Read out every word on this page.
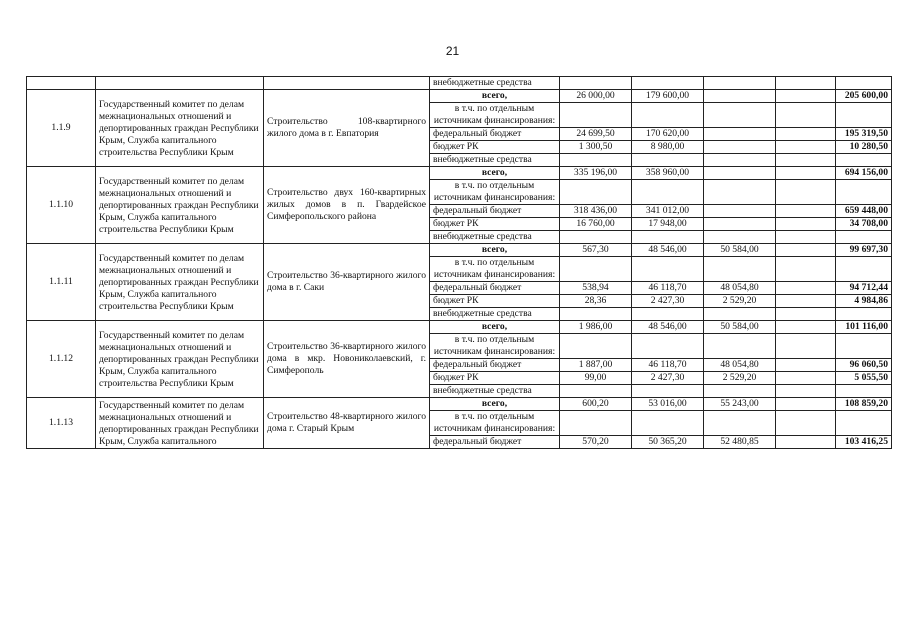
21
			внебюджетные средства					
1.1.9	Государственный комитет по делам межнациональных отношений и депортированных граждан Республики Крым, Служба капитального строительства Республики Крым	Строительство 108-квартирного жилого дома в г. Евпатория	всего,	26 000,00	179 600,00			205 600,00
			в т.ч. по отдельным источникам финансирования:					
			федеральный бюджет	24 699,50	170 620,00			195 319,50
			бюджет РК	1 300,50	8 980,00			10 280,50
			внебюджетные средства					
1.1.10	Государственный комитет по делам межнациональных отношений и депортированных граждан Республики Крым, Служба капитального строительства Республики Крым	Строительство двух 160-квартирных жилых домов в п. Гвардейское Симферопольского района	всего,	335 196,00	358 960,00			694 156,00
			в т.ч. по отдельным источникам финансирования:					
			федеральный бюджет	318 436,00	341 012,00			659 448,00
			бюджет РК	16 760,00	17 948,00			34 708,00
			внебюджетные средства					
1.1.11	Государственный комитет по делам межнациональных отношений и депортированных граждан Республики Крым, Служба капитального строительства Республики Крым	Строительство 36-квартирного жилого дома в г. Саки	всего,	567,30	48 546,00	50 584,00		99 697,30
			в т.ч. по отдельным источникам финансирования:					
			федеральный бюджет	538,94	46 118,70	48 054,80		94 712,44
			бюджет РК	28,36	2 427,30	2 529,20		4 984,86
			внебюджетные средства					
1.1.12	Государственный комитет по делам межнациональных отношений и депортированных граждан Республики Крым, Служба капитального строительства Республики Крым	Строительство 36-квартирного жилого дома в мкр. Новониколаевский, г. Симферополь	всего,	1 986,00	48 546,00	50 584,00		101 116,00
			в т.ч. по отдельным источникам финансирования:					
			федеральный бюджет	1 887,00	46 118,70	48 054,80		96 060,50
			бюджет РК	99,00	2 427,30	2 529,20		5 055,50
			внебюджетные средства					
1.1.13	Государственный комитет по делам межнациональных отношений и депортированных граждан Республики Крым, Служба капитального	Строительство 48-квартирного жилого дома г. Старый Крым	всего,	600,20	53 016,00	55 243,00		108 859,20
			в т.ч. по отдельным источникам финансирования:					
			федеральный бюджет	570,20	50 365,20	52 480,85		103 416,25
